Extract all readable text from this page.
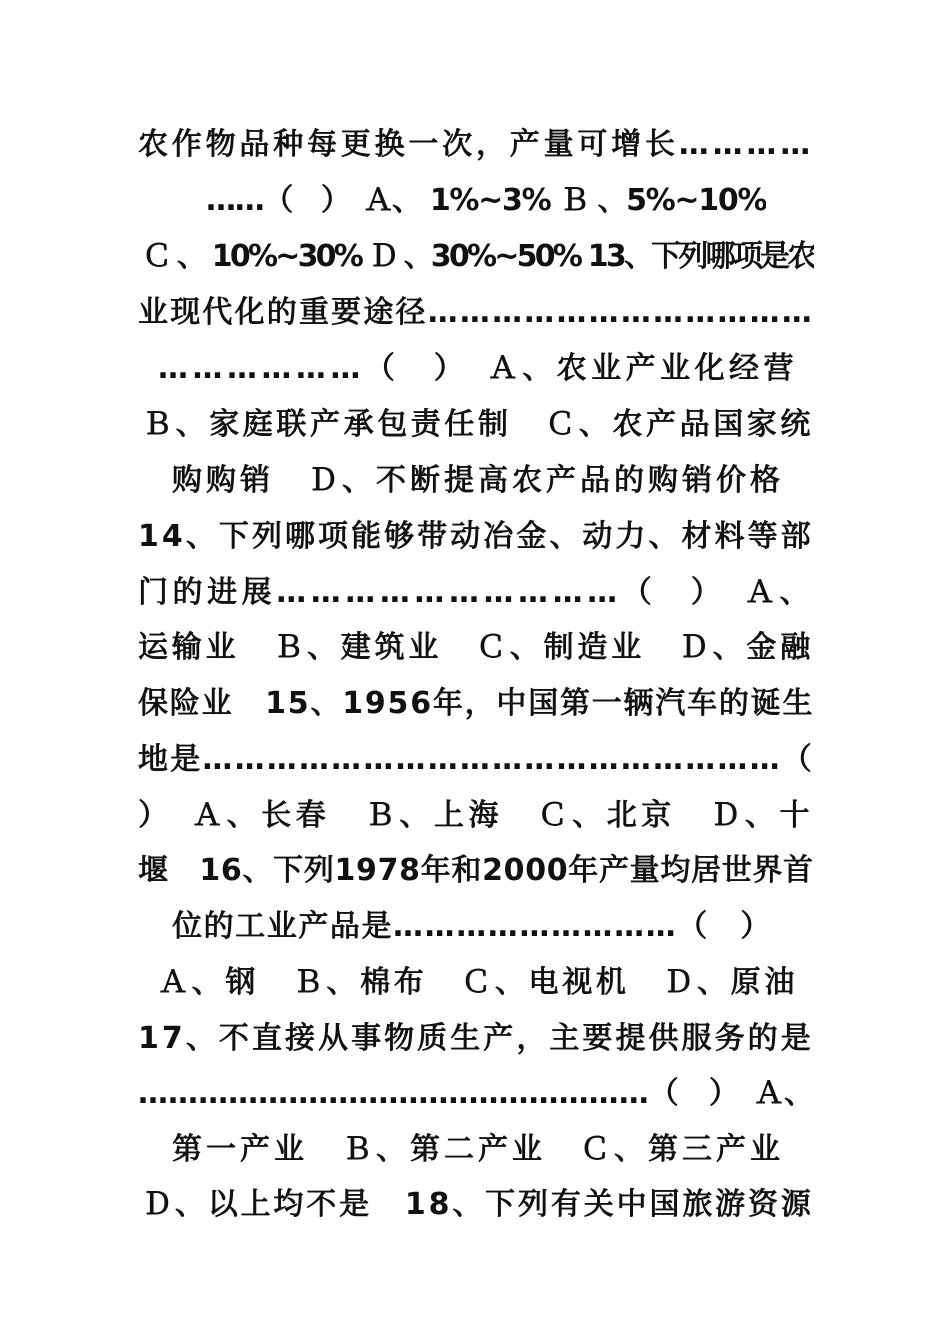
农作物品种每更换一次，产量可增长…………
……（　）　Ａ、 1%~3% Ｂ 、5%~10%
Ｃ 、 10%~30% Ｄ 、30%~50% 13、下列哪项是农
业现代化的重要途径………………………………
………………（　）　Ａ、农业产业化经营
Ｂ、家庭联产承包责任制　Ｃ、农产品国家统
购购销　Ｄ、不断提高农产品的购销价格
14、下列哪项能够带动冶金、动力、材料等部
门的进展…………………………（　）　Ａ、
运输业　Ｂ、建筑业　Ｃ、制造业　Ｄ、金融
保险业　15、1956年，中国第一辆汽车的诞生
地是………………………………………………（
）　Ａ、长春　Ｂ、上海　Ｃ、北京　Ｄ、十
堰　16、下列1978年和2000年产量均居世界首
位的工业产品是………………………（　）
Ａ、钢　Ｂ、棉布　Ｃ、电视机　Ｄ、原油
17、不直接从事物质生产，主要提供服务的是
……………………………………………（　）　Ａ、
第一产业　Ｂ、第二产业　Ｃ、第三产业
Ｄ、以上均不是　18、下列有关中国旅游资源
